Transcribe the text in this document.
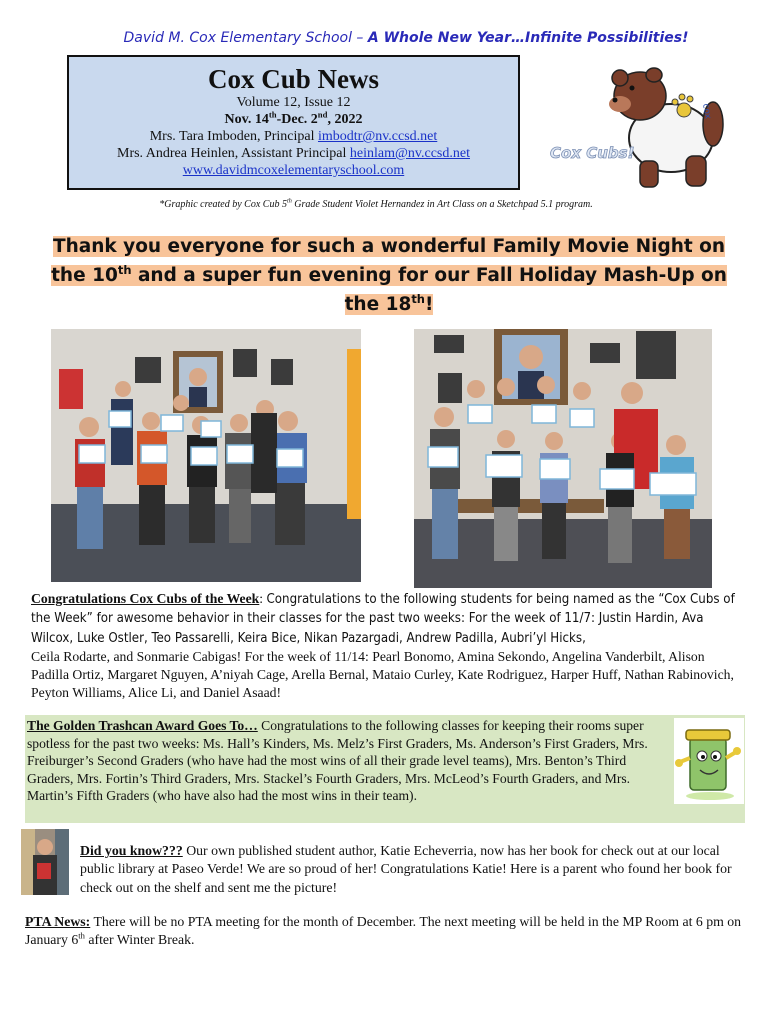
David M. Cox Elementary School – A Whole New Year…Infinite Possibilities!
Cox Cub News
Volume 12, Issue 12
Nov. 14th-Dec. 2nd, 2022
Mrs. Tara Imboden, Principal imbodtr@nv.ccsd.net
Mrs. Andrea Heinlen, Assistant Principal heinlam@nv.ccsd.net
www.davidmcoxelementaryschool.com
cox
Cox Cubs!
*Graphic created by Cox Cub 5th Grade Student Violet Hernandez in Art Class on a Sketchpad 5.1 program.
Thank you everyone for such a wonderful Family Movie Night on
the 10th and a super fun evening for our Fall Holiday Mash-Up on
the 18th!
Congratulations Cox Cubs of the Week: Congratulations to the following students for being named as the “Cox Cubs of the Week” for awesome behavior in their classes for the past two weeks: For the week of 11/7: Justin Hardin, Ava Wilcox, Luke Ostler, Teo Passarelli, Keira Bice, Nikan Pazargadi, Andrew Padilla, Aubri’yl Hicks,
Ceila Rodarte, and Sonmarie Cabigas! For the week of 11/14: Pearl Bonomo, Amina Sekondo, Angelina Vanderbilt, Alison Padilla Ortiz, Margaret Nguyen, A’niyah Cage, Arella Bernal, Mataio Curley, Kate Rodriguez, Harper Huff, Nathan Rabinovich, Peyton Williams, Alice Li, and Daniel Asaad!
The Golden Trashcan Award Goes To… Congratulations to the following classes for keeping their rooms super spotless for the past two weeks: Ms. Hall’s Kinders, Ms. Melz’s First Graders, Ms. Anderson’s First Graders, Mrs. Freiburger’s Second Graders (who have had the most wins of all their grade level teams), Mrs. Benton’s Third Graders, Mrs. Fortin’s Third Graders, Mrs. Stackel’s Fourth Graders, Mrs. McLeod’s Fourth Graders, and Mrs. Martin’s Fifth Graders (who have also had the most wins in their team).
Did you know??? Our own published student author, Katie Echeverria, now has her book for check out at our local public library at Paseo Verde! We are so proud of her! Congratulations Katie! Here is a parent who found her book for check out on the shelf and sent me the picture!
PTA News: There will be no PTA meeting for the month of December. The next meeting will be held in the MP Room at 6 pm on January 6th after Winter Break.
